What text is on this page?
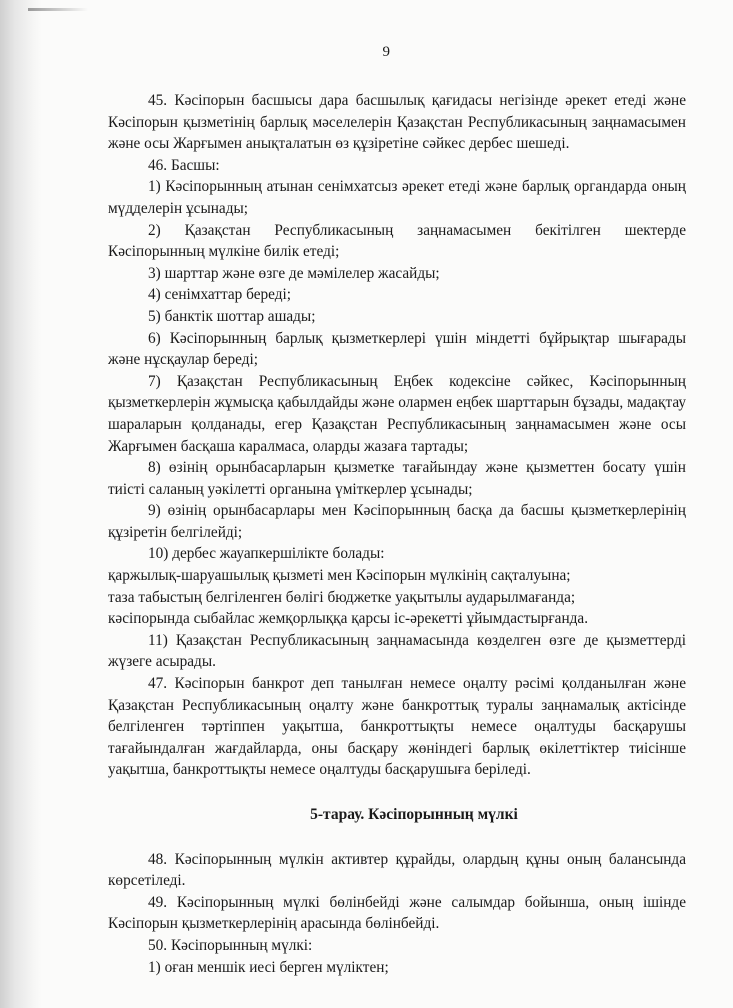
9

45. Кәсіпорын басшысы дара басшылық қағидасы негізінде әрекет етеді және Кәсіпорын қызметінің барлық мәселелерін Қазақстан Республикасының заңнамасымен және осы Жарғымен анықталатын өз құзіретіне сәйкес дербес шешеді.

46. Басшы:

1) Кәсіпорынның атынан сенімхатсыз әрекет етеді және барлық органдарда оның мүдделерін ұсынады;

2) Қазақстан Республикасының заңнамасымен бекітілген шектерде Кәсіпорынның мүлкіне билік етеді;

3) шарттар және өзге де мәмілелер жасайды;

4) сенімхаттар береді;

5) банктік шоттар ашады;

6) Кәсіпорынның барлық қызметкерлері үшін міндетті бұйрықтар шығарады және нұсқаулар береді;

7) Қазақстан Республикасының Еңбек кодексіне сәйкес, Кәсіпорынның қызметкерлерін жұмысқа қабылдайды және олармен еңбек шарттарын бұзады, мадақтау шараларын қолданады, егер Қазақстан Республикасының заңнамасымен және осы Жарғымен басқаша каралмаса, оларды жазаға тартады;

8) өзінің орынбасарларын қызметке тағайындау және қызметтен босату үшін тиісті саланың уәкілетті органына үміткерлер ұсынады;

9) өзінің орынбасарлары мен Кәсіпорынның басқа да басшы қызметкерлерінің құзіретін белгілейді;

10) дербес жауапкершілікте болады:

қаржылық-шаруашылық қызметі мен Кәсіпорын мүлкінің сақталуына;

таза табыстың белгіленген бөлігі бюджетке уақытылы аударылмағанда;

кәсіпорында сыбайлас жемқорлыққа қарсы іс-әрекетті ұйымдастырғанда.

11) Қазақстан Республикасының заңнамасында көзделген өзге де қызметтерді жүзеге асырады.

47. Кәсіпорын банкрот деп танылған немесе оңалту рәсімі қолданылған және Қазақстан Республикасының оңалту және банкроттық туралы заңнамалық актісінде белгіленген тәртіппен уақытша, банкроттықты немесе оңалтуды басқарушы тағайындалған жағдайларда, оны басқару жөніндегі барлық өкілеттіктер тиісінше уақытша, банкроттықты немесе оңалтуды басқарушыға беріледі.

5-тарау. Кәсіпорынның мүлкі

48. Кәсіпорынның мүлкін активтер құрайды, олардың құны оның балансында көрсетіледі.

49. Кәсіпорынның мүлкі бөлінбейді және салымдар бойынша, оның ішінде Кәсіпорын қызметкерлерінің арасында бөлінбейді.

50. Кәсіпорынның мүлкі:

1) оған меншік иесі берген мүліктен;
